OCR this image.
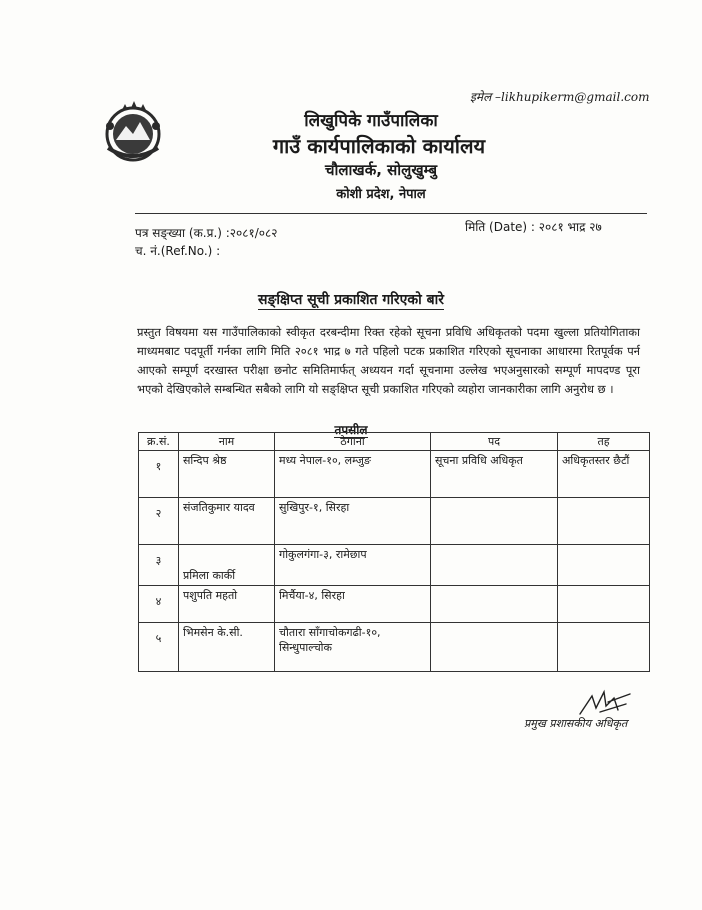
इमेल –likhupikerm@gmail.com
लिखुपिके गाउँपालिका
गाउँ कार्यपालिकाको कार्यालय
चौलाखर्क, सोलुखुम्बु
कोशी प्रदेश, नेपाल
पत्र सङ्ख्या (क.प्र.) :२०८१/०८२
च. नं.(Ref.No.) :
मिति (Date) : २०८१ भाद्र २७
सङ्क्षिप्त सूची प्रकाशित गरिएको बारे

प्रस्तुत विषयमा यस गाउँपालिकाको स्वीकृत दरबन्दीमा रिक्त रहेको सूचना प्रविधि अधिकृतको पदमा खुल्ला प्रतियोगिताका माध्यमबाट पदपूर्ती गर्नका लागि मिति २०८१ भाद्र ७ गते पहिलो पटक प्रकाशित गरिएको सूचनाका आधारमा रितपूर्वक पर्न आएको सम्पूर्ण दरखास्त परीक्षा छनोट समितिमार्फत् अध्ययन गर्दा सूचनामा उल्लेख भएअनुसारको सम्पूर्ण मापदण्ड पूरा भएको देखिएकोले सम्बन्धित सबैको लागि यो सङ्क्षिप्त सूची प्रकाशित गरिएको व्यहोरा जानकारीका लागि अनुरोध छ ।

तपसील
क्र.सं.	नाम	ठेगाना	पद	तह
१	सन्दिप श्रेष्ठ	मध्य नेपाल-१०, लम्जुङ	सूचना प्रविधि अधिकृत	अधिकृतस्तर छैटौं
२	संजतिकुमार यादव	सुखिपुर-१, सिरहा		
३	प्रमिला कार्की	गोकुलगंगा-३, रामेछाप		
४	पशुपति महतो	मिर्चैया-४, सिरहा		
५	भिमसेन के.सी.	चौतारा साँगाचोकगढी-१०, सिन्धुपाल्चोक		
प्रमुख प्रशासकीय अधिकृत
